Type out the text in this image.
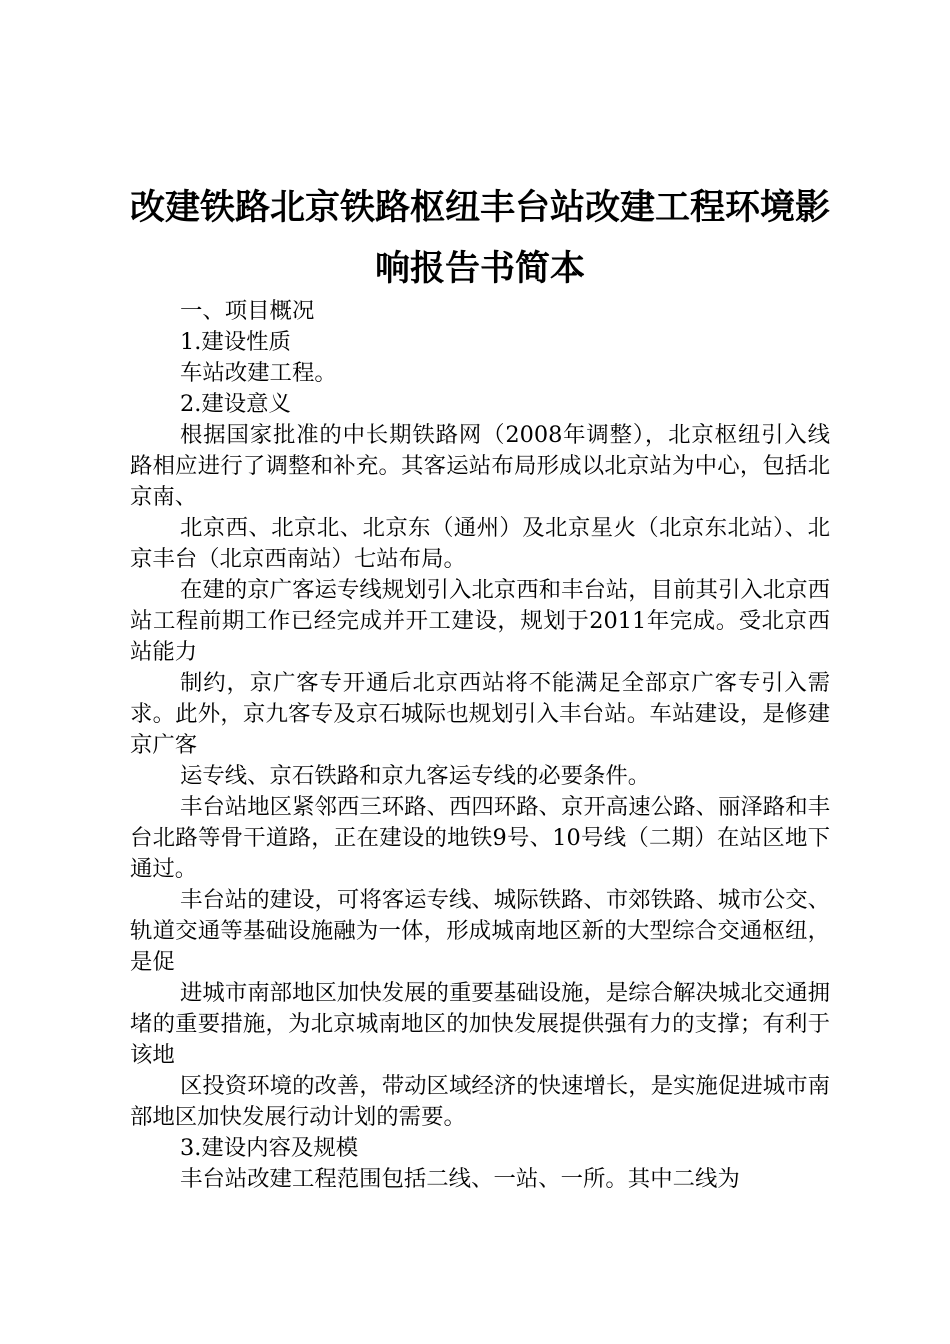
改建铁路北京铁路枢纽丰台站改建工程环境影
响报告书简本

一、项目概况

1.建设性质

车站改建工程。

2.建设意义

根据国家批准的中长期铁路网（2008年调整），北京枢纽引入线路相应进行了调整和补充。其客运站布局形成以北京站为中心，包括北京南、

北京西、北京北、北京东（通州）及北京星火（北京东北站）、北京丰台（北京西南站）七站布局。

在建的京广客运专线规划引入北京西和丰台站，目前其引入北京西站工程前期工作已经完成并开工建设，规划于2011年完成。受北京西站能力

制约，京广客专开通后北京西站将不能满足全部京广客专引入需求。此外，京九客专及京石城际也规划引入丰台站。车站建设，是修建京广客

运专线、京石铁路和京九客运专线的必要条件。

丰台站地区紧邻西三环路、西四环路、京开高速公路、丽泽路和丰台北路等骨干道路，正在建设的地铁9号、10号线（二期）在站区地下通过。

丰台站的建设，可将客运专线、城际铁路、市郊铁路、城市公交、轨道交通等基础设施融为一体，形成城南地区新的大型综合交通枢纽，是促

进城市南部地区加快发展的重要基础设施，是综合解决城北交通拥堵的重要措施，为北京城南地区的加快发展提供强有力的支撑；有利于该地

区投资环境的改善，带动区域经济的快速增长，是实施促进城市南部地区加快发展行动计划的需要。

3.建设内容及规模

丰台站改建工程范围包括二线、一站、一所。其中二线为
